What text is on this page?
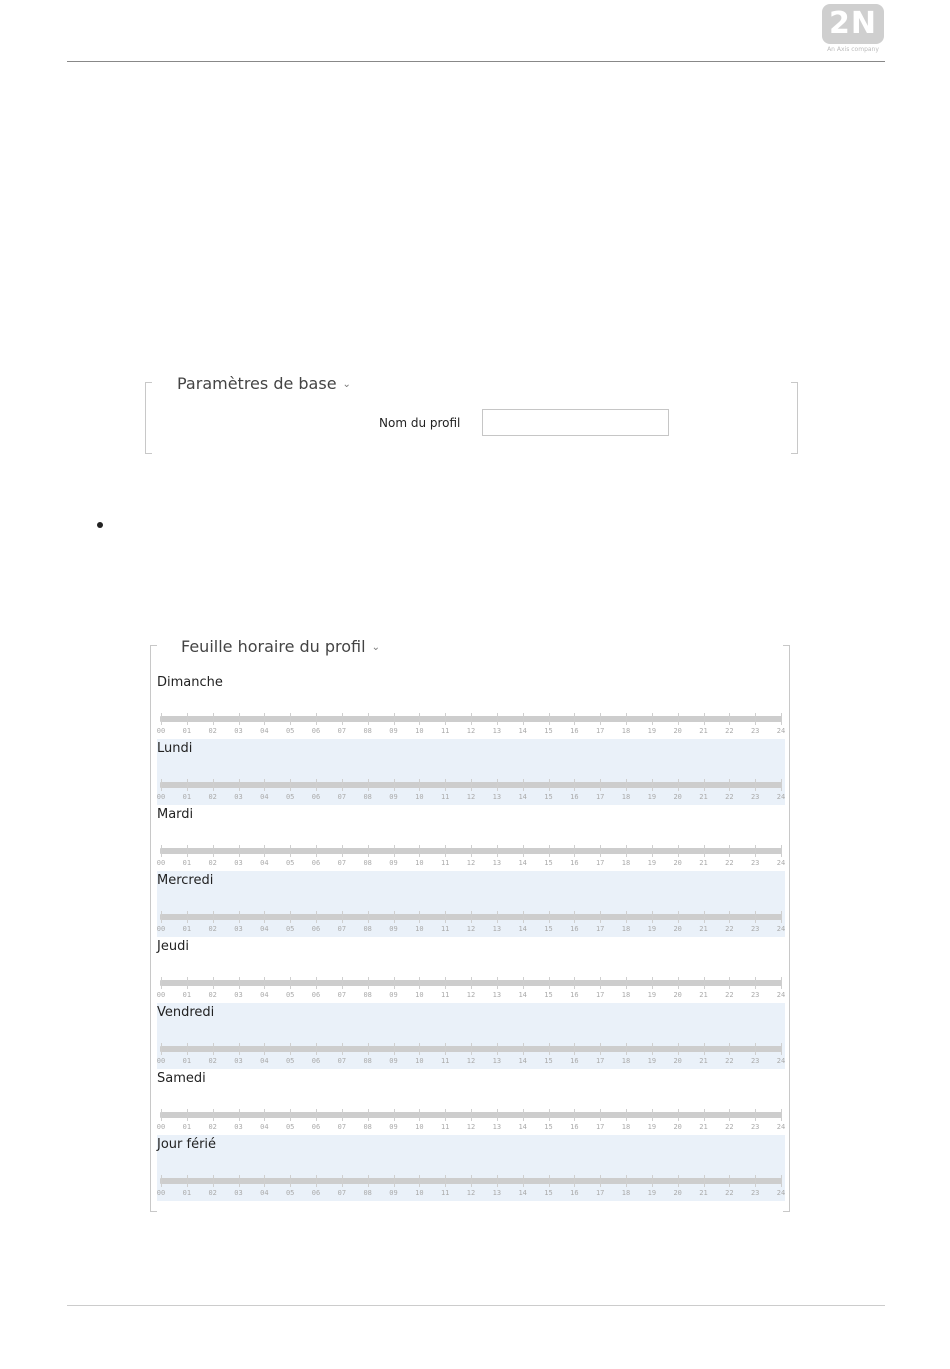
2N
An Axis company
Paramètres de base ⌄
Nom du profil
Feuille horaire du profil ⌄
Dimanche
00 01 02 03 04 05 06 07 08 09 10 11 12 13 14 15 16 17 18 19 20 21 22 23 24
Lundi
00 01 02 03 04 05 06 07 08 09 10 11 12 13 14 15 16 17 18 19 20 21 22 23 24
Mardi
00 01 02 03 04 05 06 07 08 09 10 11 12 13 14 15 16 17 18 19 20 21 22 23 24
Mercredi
00 01 02 03 04 05 06 07 08 09 10 11 12 13 14 15 16 17 18 19 20 21 22 23 24
Jeudi
00 01 02 03 04 05 06 07 08 09 10 11 12 13 14 15 16 17 18 19 20 21 22 23 24
Vendredi
00 01 02 03 04 05 06 07 08 09 10 11 12 13 14 15 16 17 18 19 20 21 22 23 24
Samedi
00 01 02 03 04 05 06 07 08 09 10 11 12 13 14 15 16 17 18 19 20 21 22 23 24
Jour férié
00 01 02 03 04 05 06 07 08 09 10 11 12 13 14 15 16 17 18 19 20 21 22 23 24
